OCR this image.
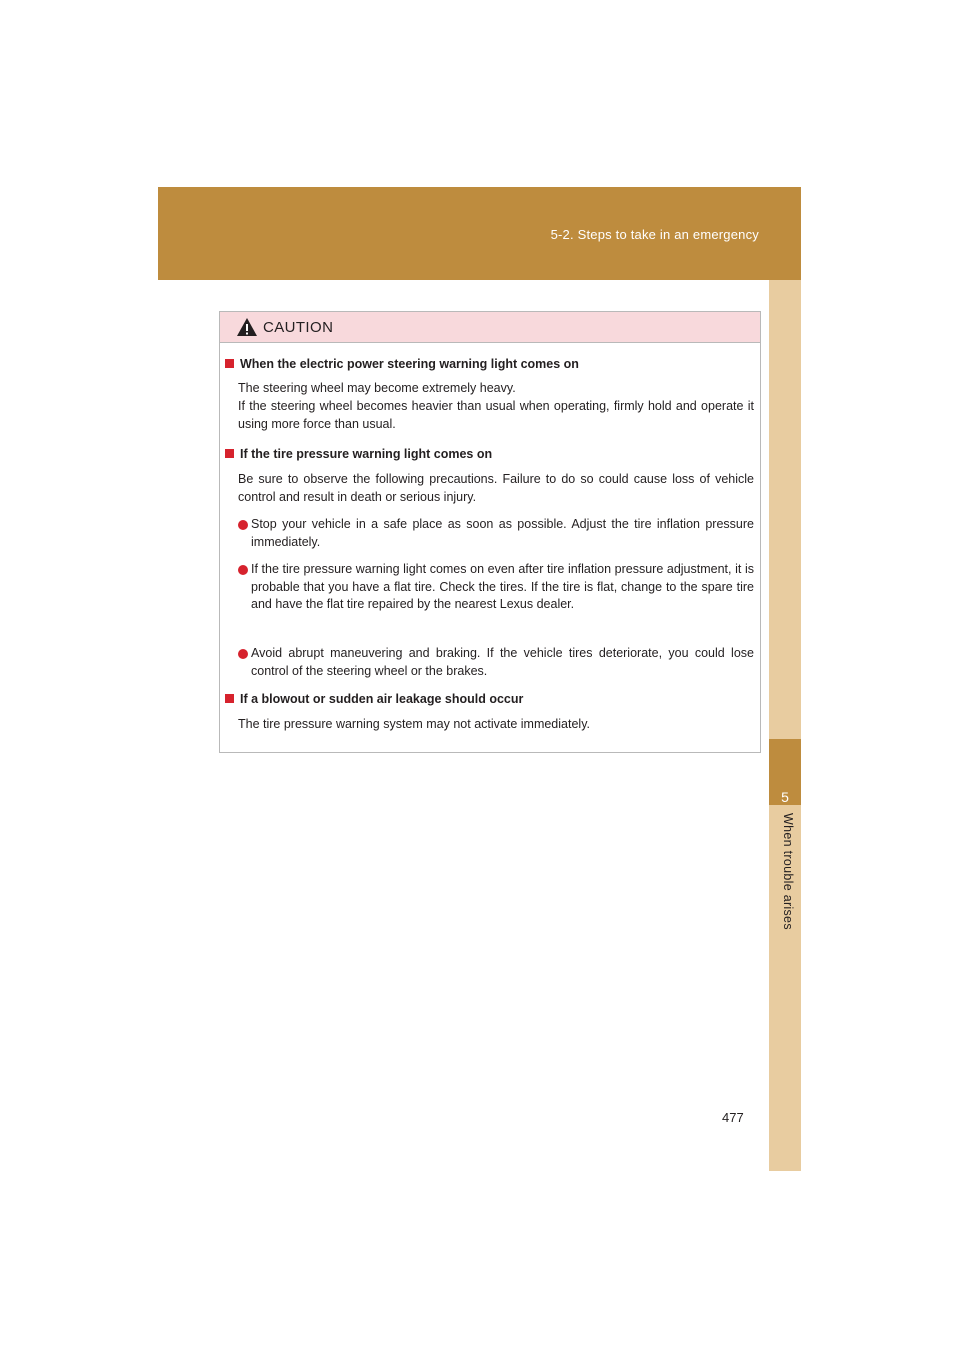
5-2. Steps to take in an emergency
5
When trouble arises
CAUTION
When the electric power steering warning light comes on
The steering wheel may become extremely heavy.
If the steering wheel becomes heavier than usual when operating, firmly hold and operate it using more force than usual.
If the tire pressure warning light comes on
Be sure to observe the following precautions. Failure to do so could cause loss of vehicle control and result in death or serious injury.
Stop your vehicle in a safe place as soon as possible. Adjust the tire inflation pressure immediately.
If the tire pressure warning light comes on even after tire inflation pressure adjustment, it is probable that you have a flat tire. Check the tires. If the tire is flat, change to the spare tire and have the flat tire repaired by the nearest Lexus dealer.
Avoid abrupt maneuvering and braking. If the vehicle tires deteriorate, you could lose control of the steering wheel or the brakes.
If a blowout or sudden air leakage should occur
The tire pressure warning system may not activate immediately.
477
